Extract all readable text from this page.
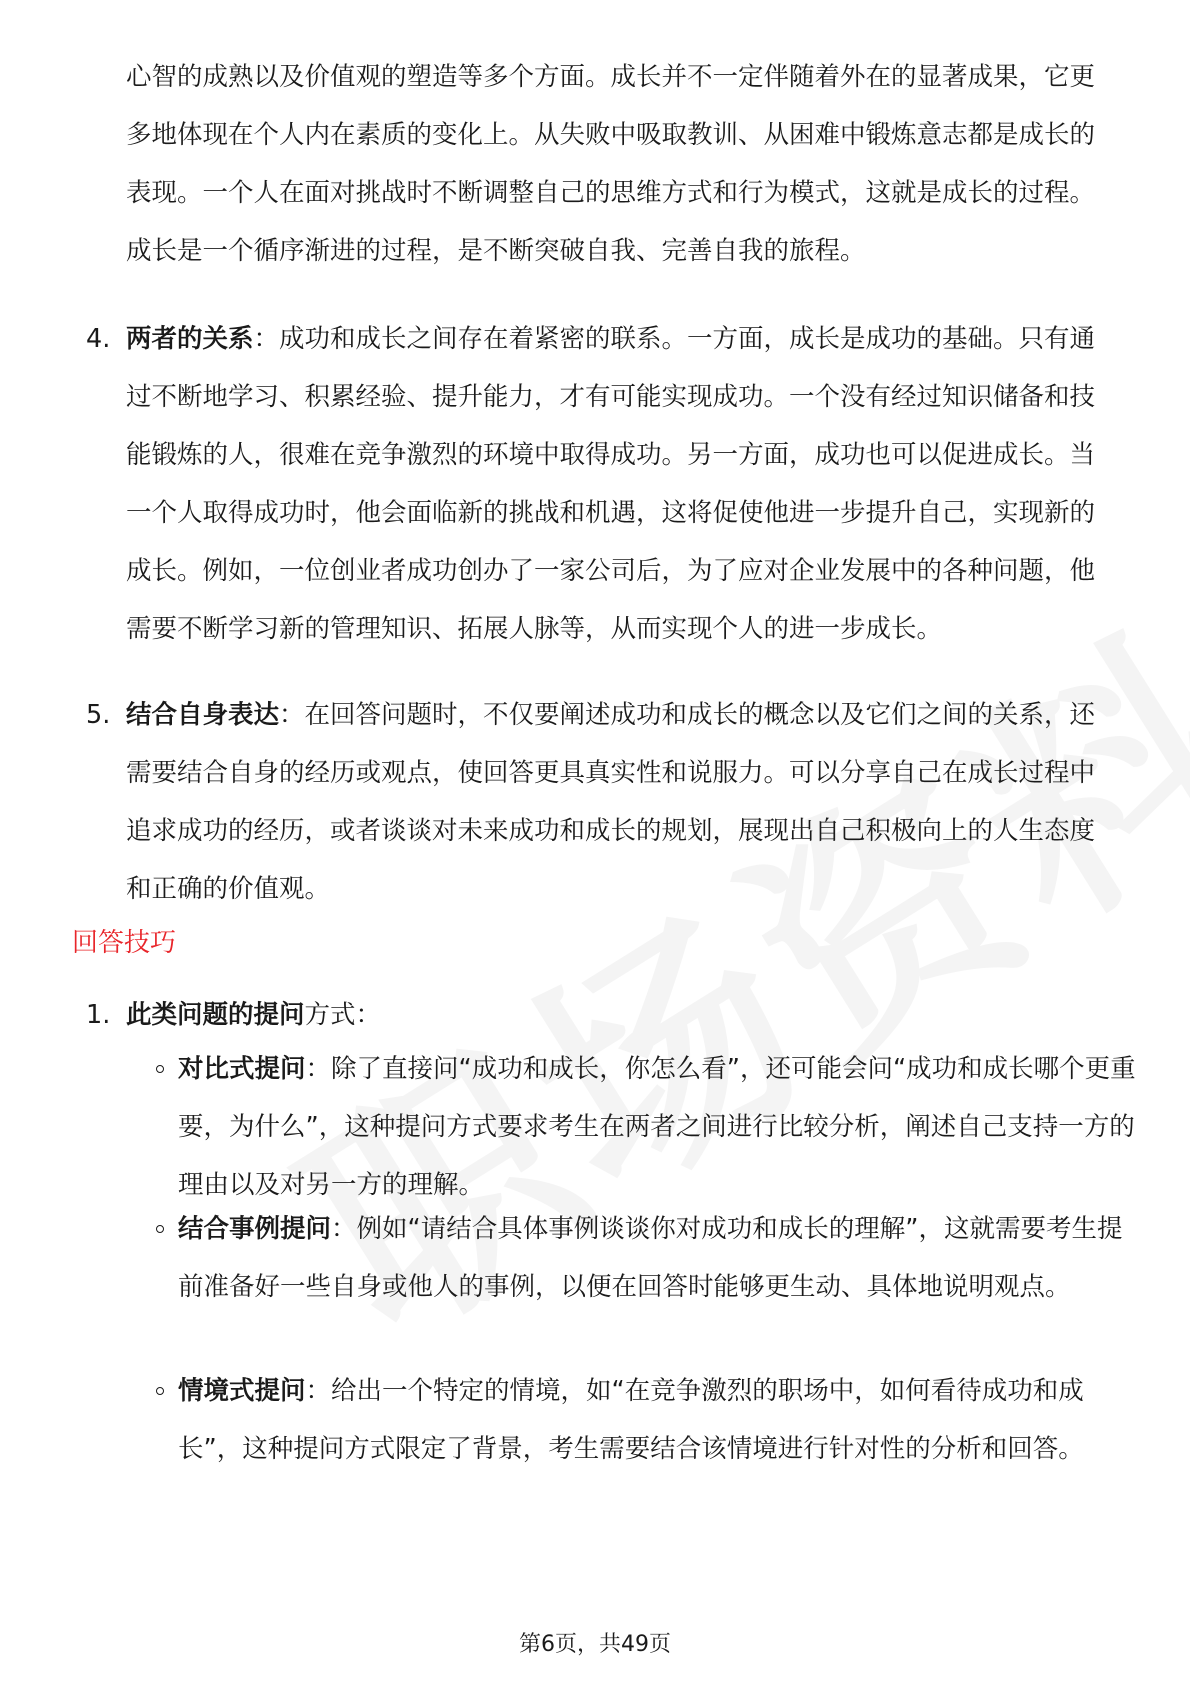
心智的成熟以及价值观的塑造等多个方面。成长并不一定伴随着外在的显著成果，它更多地体现在个人内在素质的变化上。从失败中吸取教训、从困难中锻炼意志都是成长的表现。一个人在面对挑战时不断调整自己的思维方式和行为模式，这就是成长的过程。成长是一个循序渐进的过程，是不断突破自我、完善自我的旅程。
4. 两者的关系：成功和成长之间存在着紧密的联系。一方面，成长是成功的基础。只有通过不断地学习、积累经验、提升能力，才有可能实现成功。一个没有经过知识储备和技能锻炼的人，很难在竞争激烈的环境中取得成功。另一方面，成功也可以促进成长。当一个人取得成功时，他会面临新的挑战和机遇，这将促使他进一步提升自己，实现新的成长。例如，一位创业者成功创办了一家公司后，为了应对企业发展中的各种问题，他需要不断学习新的管理知识、拓展人脉等，从而实现个人的进一步成长。
5. 结合自身表达：在回答问题时，不仅要阐述成功和成长的概念以及它们之间的关系，还需要结合自身的经历或观点，使回答更具真实性和说服力。可以分享自己在成长过程中追求成功的经历，或者谈谈对未来成功和成长的规划，展现出自己积极向上的人生态度和正确的价值观。
回答技巧
1. 此类问题的提问方式：
对比式提问：除了直接问“成功和成长，你怎么看”，还可能会问“成功和成长哪个更重要，为什么”，这种提问方式要求考生在两者之间进行比较分析，阐述自己支持一方的理由以及对另一方的理解。
结合事例提问：例如“请结合具体事例谈谈你对成功和成长的理解”，这就需要考生提前准备好一些自身或他人的事例，以便在回答时能够更生动、具体地说明观点。
情境式提问：给出一个特定的情境，如“在竞争激烈的职场中，如何看待成功和成长”，这种提问方式限定了背景，考生需要结合该情境进行针对性的分析和回答。
第6页，共49页
